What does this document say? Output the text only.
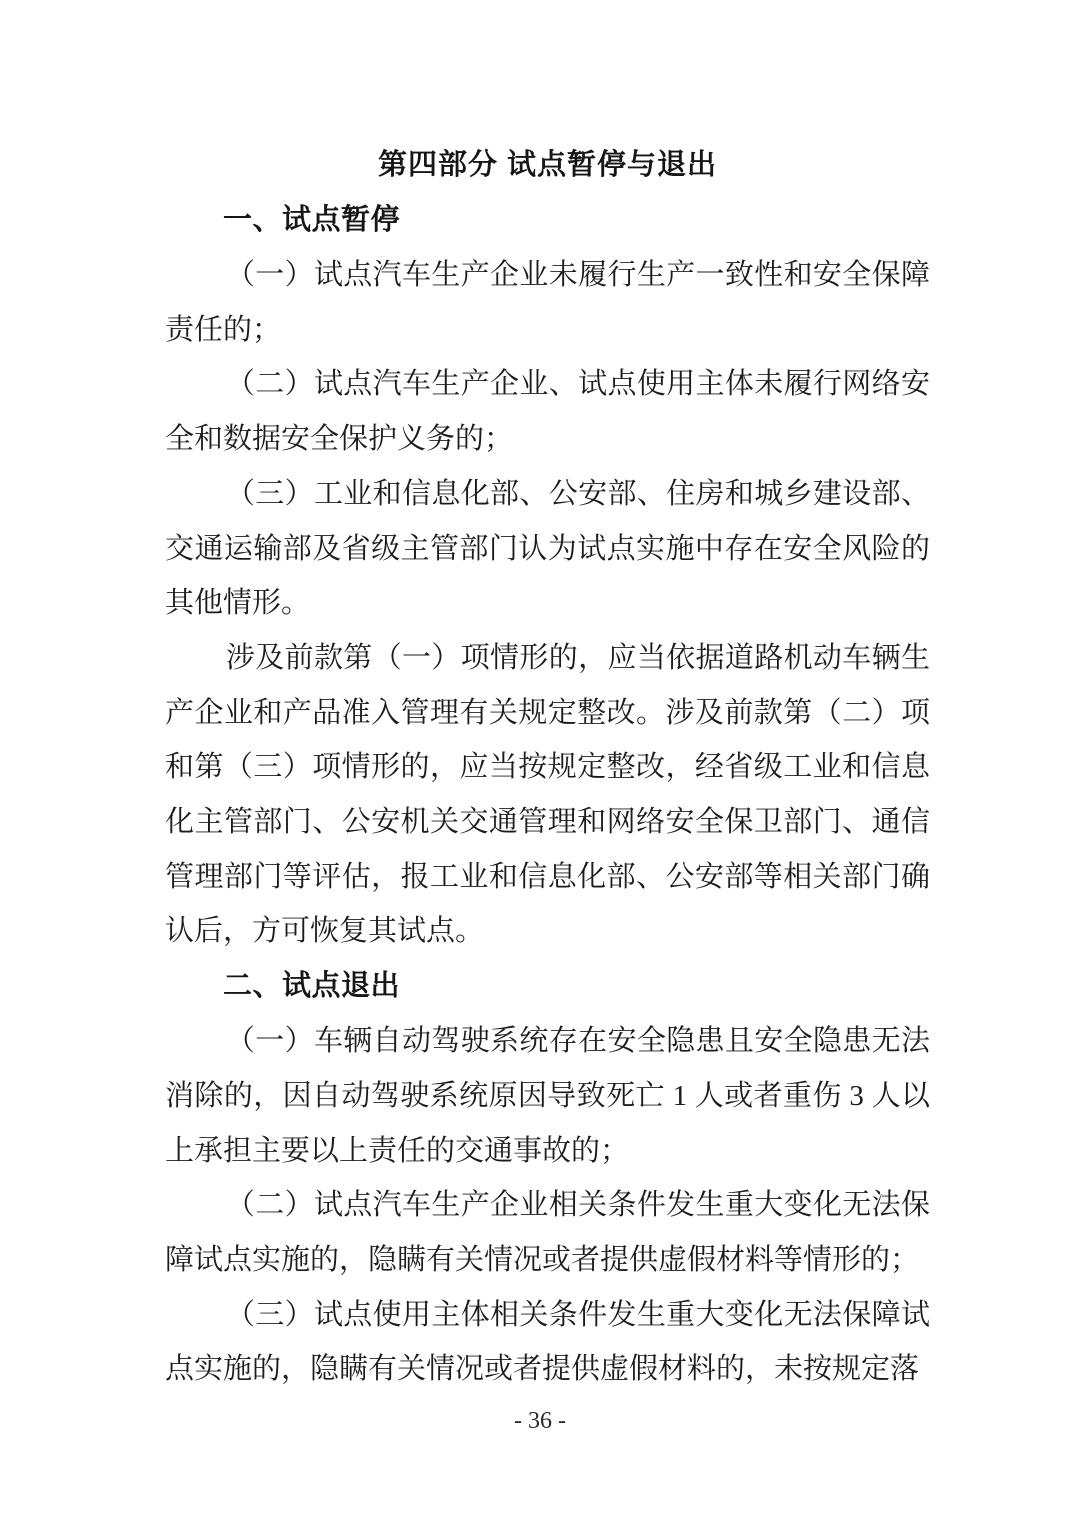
第四部分 试点暂停与退出
一、试点暂停

（一）试点汽车生产企业未履行生产一致性和安全保障责任的；

（二）试点汽车生产企业、试点使用主体未履行网络安全和数据安全保护义务的；

（三）工业和信息化部、公安部、住房和城乡建设部、交通运输部及省级主管部门认为试点实施中存在安全风险的其他情形。

涉及前款第（一）项情形的，应当依据道路机动车辆生产企业和产品准入管理有关规定整改。涉及前款第（二）项和第（三）项情形的，应当按规定整改，经省级工业和信息化主管部门、公安机关交通管理和网络安全保卫部门、通信管理部门等评估，报工业和信息化部、公安部等相关部门确认后，方可恢复其试点。

二、试点退出

（一）车辆自动驾驶系统存在安全隐患且安全隐患无法消除的，因自动驾驶系统原因导致死亡 1 人或者重伤 3 人以上承担主要以上责任的交通事故的；

（二）试点汽车生产企业相关条件发生重大变化无法保障试点实施的，隐瞒有关情况或者提供虚假材料等情形的；

（三）试点使用主体相关条件发生重大变化无法保障试点实施的，隐瞒有关情况或者提供虚假材料的，未按规定落

- 36 -
